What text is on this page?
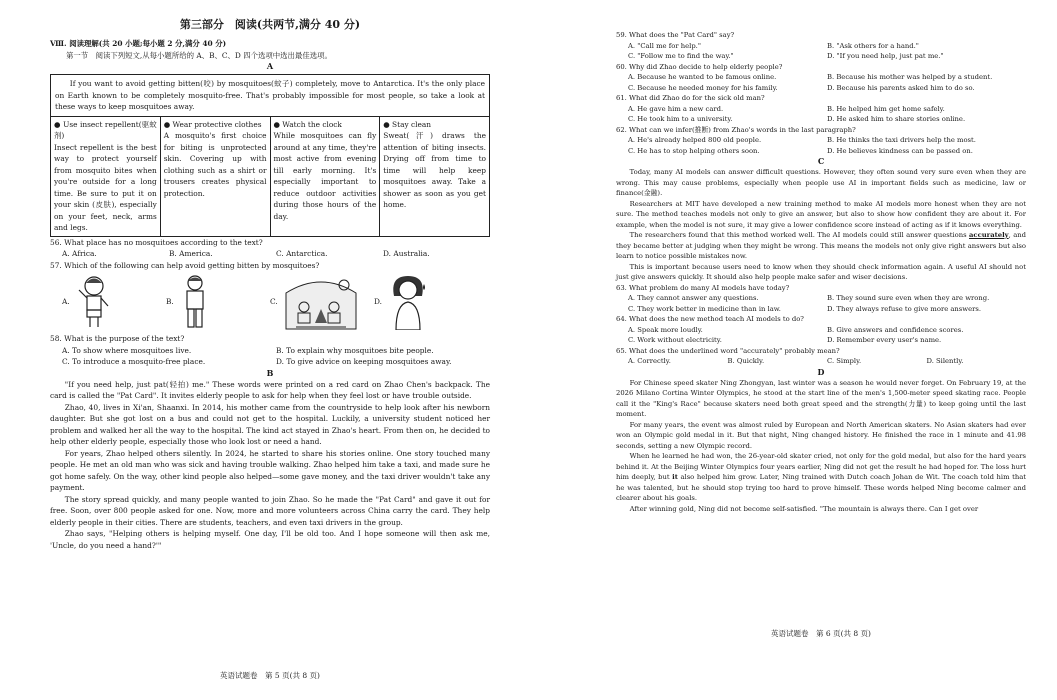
第三部分　阅读(共两节,满分 40 分)
Ⅷ. 阅读理解(共 20 小题;每小题 2 分,满分 40 分)
第一节　阅读下列短文,从每小题所给的 A、B、C、D 四个选项中选出最佳选项。
A
If you want to avoid getting bitten(咬) by mosquitoes(蚊子) completely, move to Antarctica. It's the only place on Earth known to be completely mosquito-free. That's probably impossible for most people, so take a look at these ways to keep mosquitoes away.
● Use insect repellent(驱蚊剂)
Insect repellent is the best way to protect yourself from mosquito bites when you're outside for a long time. Be sure to put it on your skin (皮肤), especially on your feet, neck, arms and legs.
● Wear protective clothes
A mosquito's first choice for biting is unprotected skin. Covering up with clothing such as a shirt or trousers creates physical protection.
● Watch the clock
While mosquitoes can fly around at any time, they're most active from evening till early morning. It's especially important to reduce outdoor activities during those hours of the day.
● Stay clean
Sweat(汗) draws the attention of biting insects. Drying off from time to time will help keep mosquitoes away. Take a shower as soon as you get home.
56. What place has no mosquitoes according to the text?
A. Africa.	B. America.	C. Antarctica.	D. Australia.
57. Which of the following can help avoid getting bitten by mosquitoes?
A.	B.	C.	D.
58. What is the purpose of the text?
A. To show where mosquitoes live.	B. To explain why mosquitoes bite people.
C. To introduce a mosquito-free place.	D. To give advice on keeping mosquitoes away.
B

"If you need help, just pat(轻拍) me." These words were printed on a red card on Zhao Chen's backpack. The card is called the "Pat Card". It invites elderly people to ask for help when they feel lost or have trouble outside.

Zhao, 40, lives in Xi'an, Shaanxi. In 2014, his mother came from the countryside to help look after his newborn daughter. But she got lost on a bus and could not get to the hospital. Luckily, a university student noticed her problem and walked her all the way to the hospital. The kind act stayed in Zhao's heart. From then on, he decided to help other elderly people, especially those who look lost or need a hand.

For years, Zhao helped others silently. In 2024, he started to share his stories online. One story touched many people. He met an old man who was sick and having trouble walking. Zhao helped him take a taxi, and made sure he got home safely. On the way, other kind people also helped—some gave money, and the taxi driver wouldn't take any payment.

The story spread quickly, and many people wanted to join Zhao. So he made the "Pat Card" and gave it out for free. Soon, over 800 people asked for one. Now, more and more volunteers across China carry the card. They help elderly people in their cities. There are students, teachers, and even taxi drivers in the group.

Zhao says, "Helping others is helping myself. One day, I'll be old too. And I hope someone will then ask me, 'Uncle, do you need a hand?'"

英语试题卷　第 5 页(共 8 页)
59. What does the "Pat Card" say?
A. "Call me for help."	B. "Ask others for a hand."
C. "Follow me to find the way."	D. "If you need help, just pat me."
60. Why did Zhao decide to help elderly people?
A. Because he wanted to be famous online.	B. Because his mother was helped by a student.
C. Because he needed money for his family.	D. Because his parents asked him to do so.
61. What did Zhao do for the sick old man?
A. He gave him a new card.	B. He helped him get home safely.
C. He took him to a university.	D. He asked him to share stories online.
62. What can we infer(推断) from Zhao's words in the last paragraph?
A. He's already helped 800 old people.	B. He thinks the taxi drivers help the most.
C. He has to stop helping others soon.	D. He believes kindness can be passed on.
C

Today, many AI models can answer difficult questions. However, they often sound very sure even when they are wrong. This may cause problems, especially when people use AI in important fields such as medicine, law or finance(金融).

Researchers at MIT have developed a new training method to make AI models more honest when they are not sure. The method teaches models not only to give an answer, but also to show how confident they are about it. For example, when the model is not sure, it may give a lower confidence score instead of acting as if it knows everything.

The researchers found that this method worked well. The AI models could still answer questions accurately, and they became better at judging when they might be wrong. This means the models not only give right answers but also learn to notice possible mistakes now.

This is important because users need to know when they should check information again. A useful AI should not just give answers quickly. It should also help people make safer and wiser decisions.

63. What problem do many AI models have today?
A. They cannot answer any questions.	B. They sound sure even when they are wrong.
C. They work better in medicine than in law.	D. They always refuse to give more answers.
64. What does the new method teach AI models to do?
A. Speak more loudly.	B. Give answers and confidence scores.
C. Work without electricity.	D. Remember every user's name.
65. What does the underlined word "accurately" probably mean?
A. Correctly.	B. Quickly.	C. Simply.	D. Silently.
D

For Chinese speed skater Ning Zhongyan, last winter was a season he would never forget. On February 19, at the 2026 Milano Cortina Winter Olympics, he stood at the start line of the men's 1,500-meter speed skating race. People call it the "King's Race" because skaters need both great speed and the strength(力量) to keep going until the last moment.

For many years, the event was almost ruled by European and North American skaters. No Asian skaters had ever won an Olympic gold medal in it. But that night, Ning changed history. He finished the race in 1 minute and 41.98 seconds, setting a new Olympic record.

When he learned he had won, the 26-year-old skater cried, not only for the gold medal, but also for the hard years behind it. At the Beijing Winter Olympics four years earlier, Ning did not get the result he had hoped for. The loss hurt him deeply, but it also helped him grow. Later, Ning trained with Dutch coach Johan de Wit. The coach told him that he was talented, but he should stop trying too hard to prove himself. These words helped Ning become calmer and clearer about his goals.

After winning gold, Ning did not become self-satisfied. "The mountain is always there. Can I get over

英语试题卷　第 6 页(共 8 页)
